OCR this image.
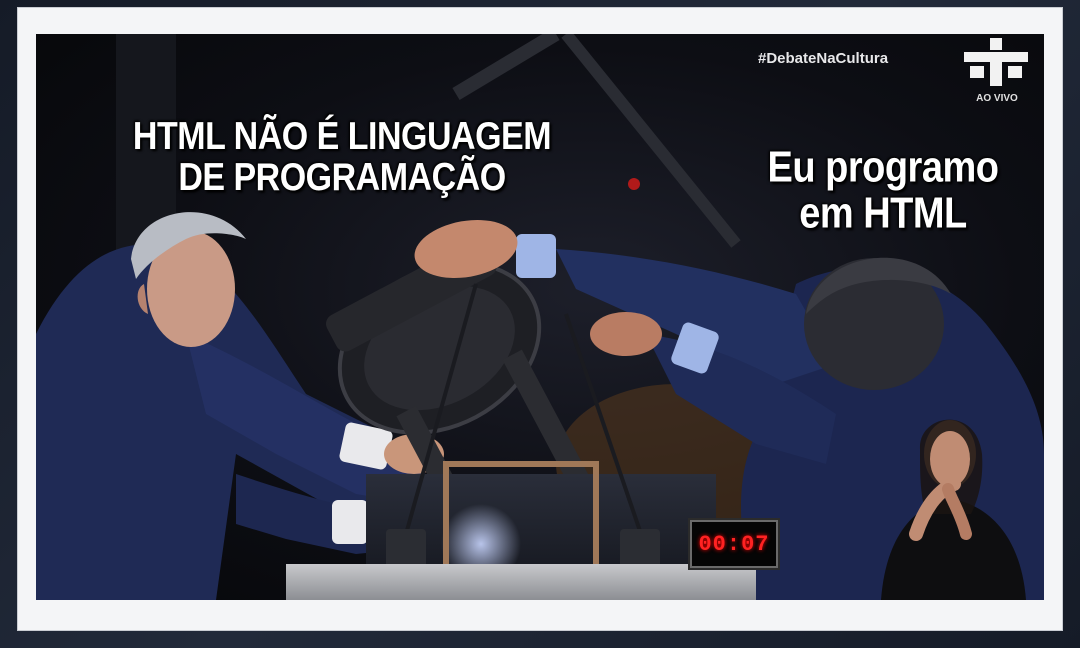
HTML NÃO É LINGUAGEM DE PROGRAMAÇÃO	Eu programo em HTML
#DebateNaCultura
AO VIVO
00:07
